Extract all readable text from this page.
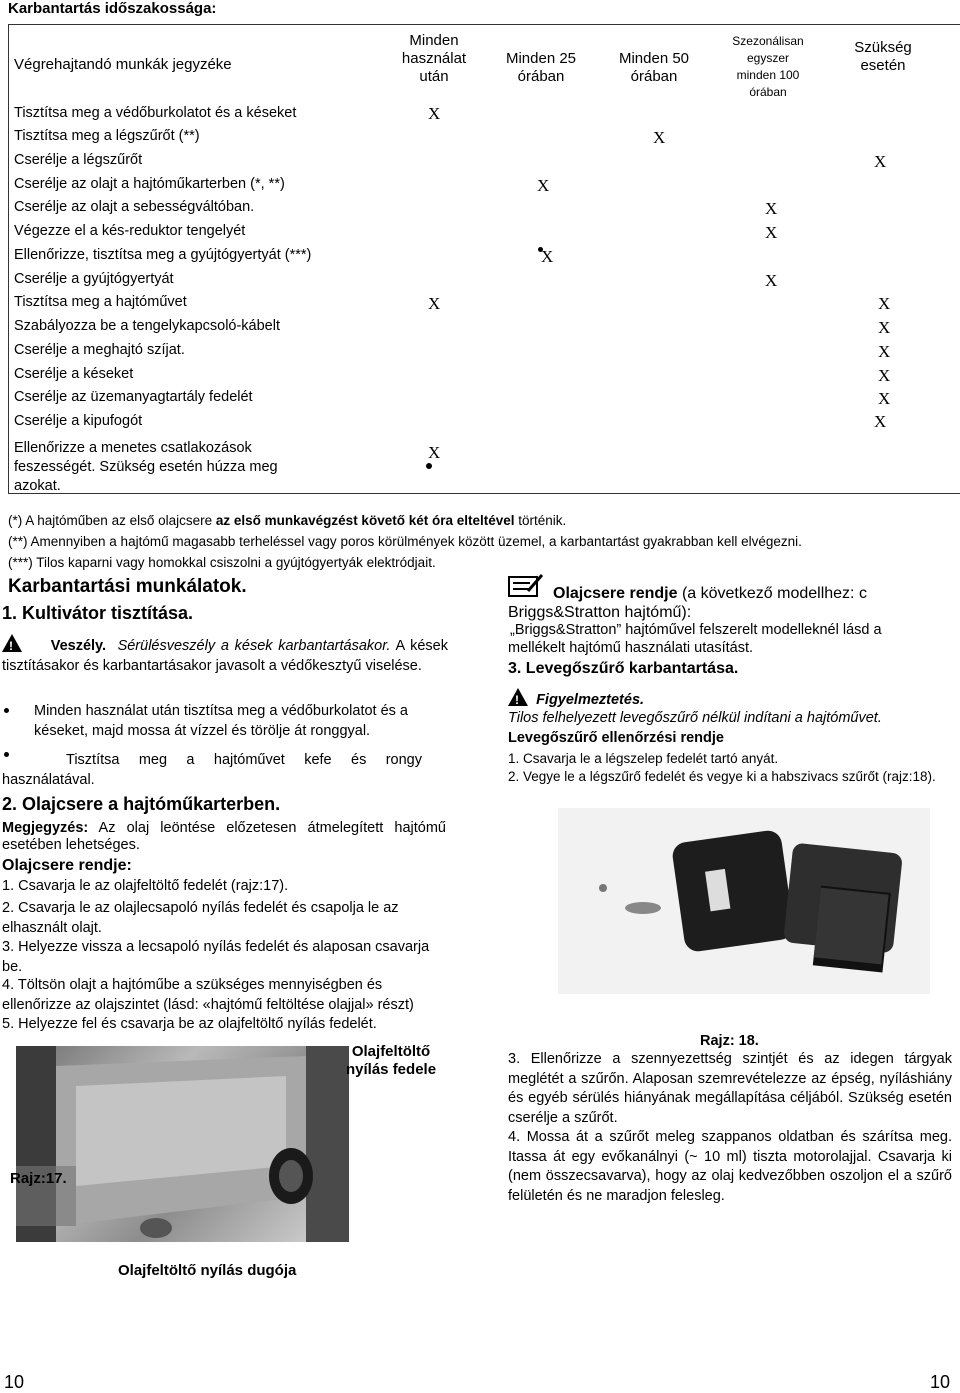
Karbantartás időszakossága:
Végrehajtandó munkák jegyzéke
Minden
használat
után
Minden 25
órában
Minden 50
órában
Szezonálisan
egyszer
minden 100
órában
Szükség
esetén
Tisztítsa meg a védőburkolatot és a késeket
Tisztítsa meg a légszűrőt (**)
Cserélje a légszűrőt
Cserélje az olajt a hajtóműkarterben (*, **)
Cserélje az olajt a sebességváltóban.
Végezze el a kés-reduktor tengelyét
Ellenőrizze, tisztítsa meg a gyújtógyertyát (***)
Cserélje a gyújtógyertyát
Tisztítsa meg a hajtóművet
Szabályozza be a tengelykapcsoló-kábelt
Cserélje a meghajtó szíjat.
Cserélje a késeket
Cserélje az üzemanyagtartály fedelét
Cserélje a kipufogót
Ellenőrizze a menetes csatlakozások
feszességét. Szükség esetén húzza meg
azokat.
X
X
X
X
X
X
X
X
X	X
X
X
X
X
X
X
(*) A hajtóműben az első olajcsere az első munkavégzést követő két óra elteltével történik.
(**) Amennyiben a hajtómű magasabb terheléssel vagy poros körülmények között üzemel, a karbantartást gyakrabban kell elvégezni.
(***) Tilos kaparni vagy homokkal csiszolni a gyújtógyertyák elektródjait.
Karbantartási munkálatok.
1. Kultivátor tisztítása.
!     Veszély. Sérülésveszély a kések karbantartásakor. A kések tisztításakor és karbantartásakor javasolt a védőkesztyű viselése.
Minden használat után tisztítsa meg a védőburkolatot és a késeket, majd mossa át vízzel és törölje át ronggyal.
Tisztítsa meg a hajtóművet kefe és rongy használatával.
2. Olajcsere a hajtóműkarterben.
Megjegyzés: Az olaj leöntése előzetesen átmelegített hajtómű esetében lehetséges.
Olajcsere rendje:
1. Csavarja le az olajfeltöltő fedelét (rajz:17).
2. Csavarja le az olajlecsapoló nyílás fedelét és csapolja le az elhasznált olajt.
3. Helyezze vissza a lecsapoló nyílás fedelét és alaposan csavarja be.
4. Töltsön olajt a hajtóműbe a szükséges mennyiségben és ellenőrizze az olajszintet (lásd: «hajtómű feltöltése olajjal» részt)
5. Helyezze fel és csavarja be az olajfeltöltő nyílás fedelét.
Olajfeltöltő
nyílás fedele
Rajz:17.
Olajfeltöltő nyílás dugója
Olajcsere rendje (a következő modellhez: c
Briggs&Stratton hajtómű):
„Briggs&Stratton” hajtóművel felszerelt modelleknél lásd a mellékelt hajtómű használati utasítást.
3. Levegőszűrő karbantartása.
!  Figyelmeztetés.
Tilos felhelyezett levegőszűrő nélkül indítani a hajtóművet.
Levegőszűrő ellenőrzési rendje
1. Csavarja le a légszelep fedelét tartó anyát.
2. Vegye le a légszűrő fedelét és vegye ki a habszivacs szűrőt (rajz:18).
Rajz: 18.
3. Ellenőrizze a szennyezettség szintjét és az idegen tárgyak meglétét a szűrőn. Alaposan szemrevételezze az épség, nyíláshiány és egyéb sérülés hiányának megállapítása céljából. Szükség esetén cserélje a szűrőt.
4. Mossa át a szűrőt meleg szappanos oldatban és szárítsa meg. Itassa át egy evőkanálnyi (~ 10 ml) tiszta motorolajjal. Csavarja ki (nem összecsavarva), hogy az olaj kedvezőbben oszoljon el a szűrő felületén és ne maradjon felesleg.
10	10
